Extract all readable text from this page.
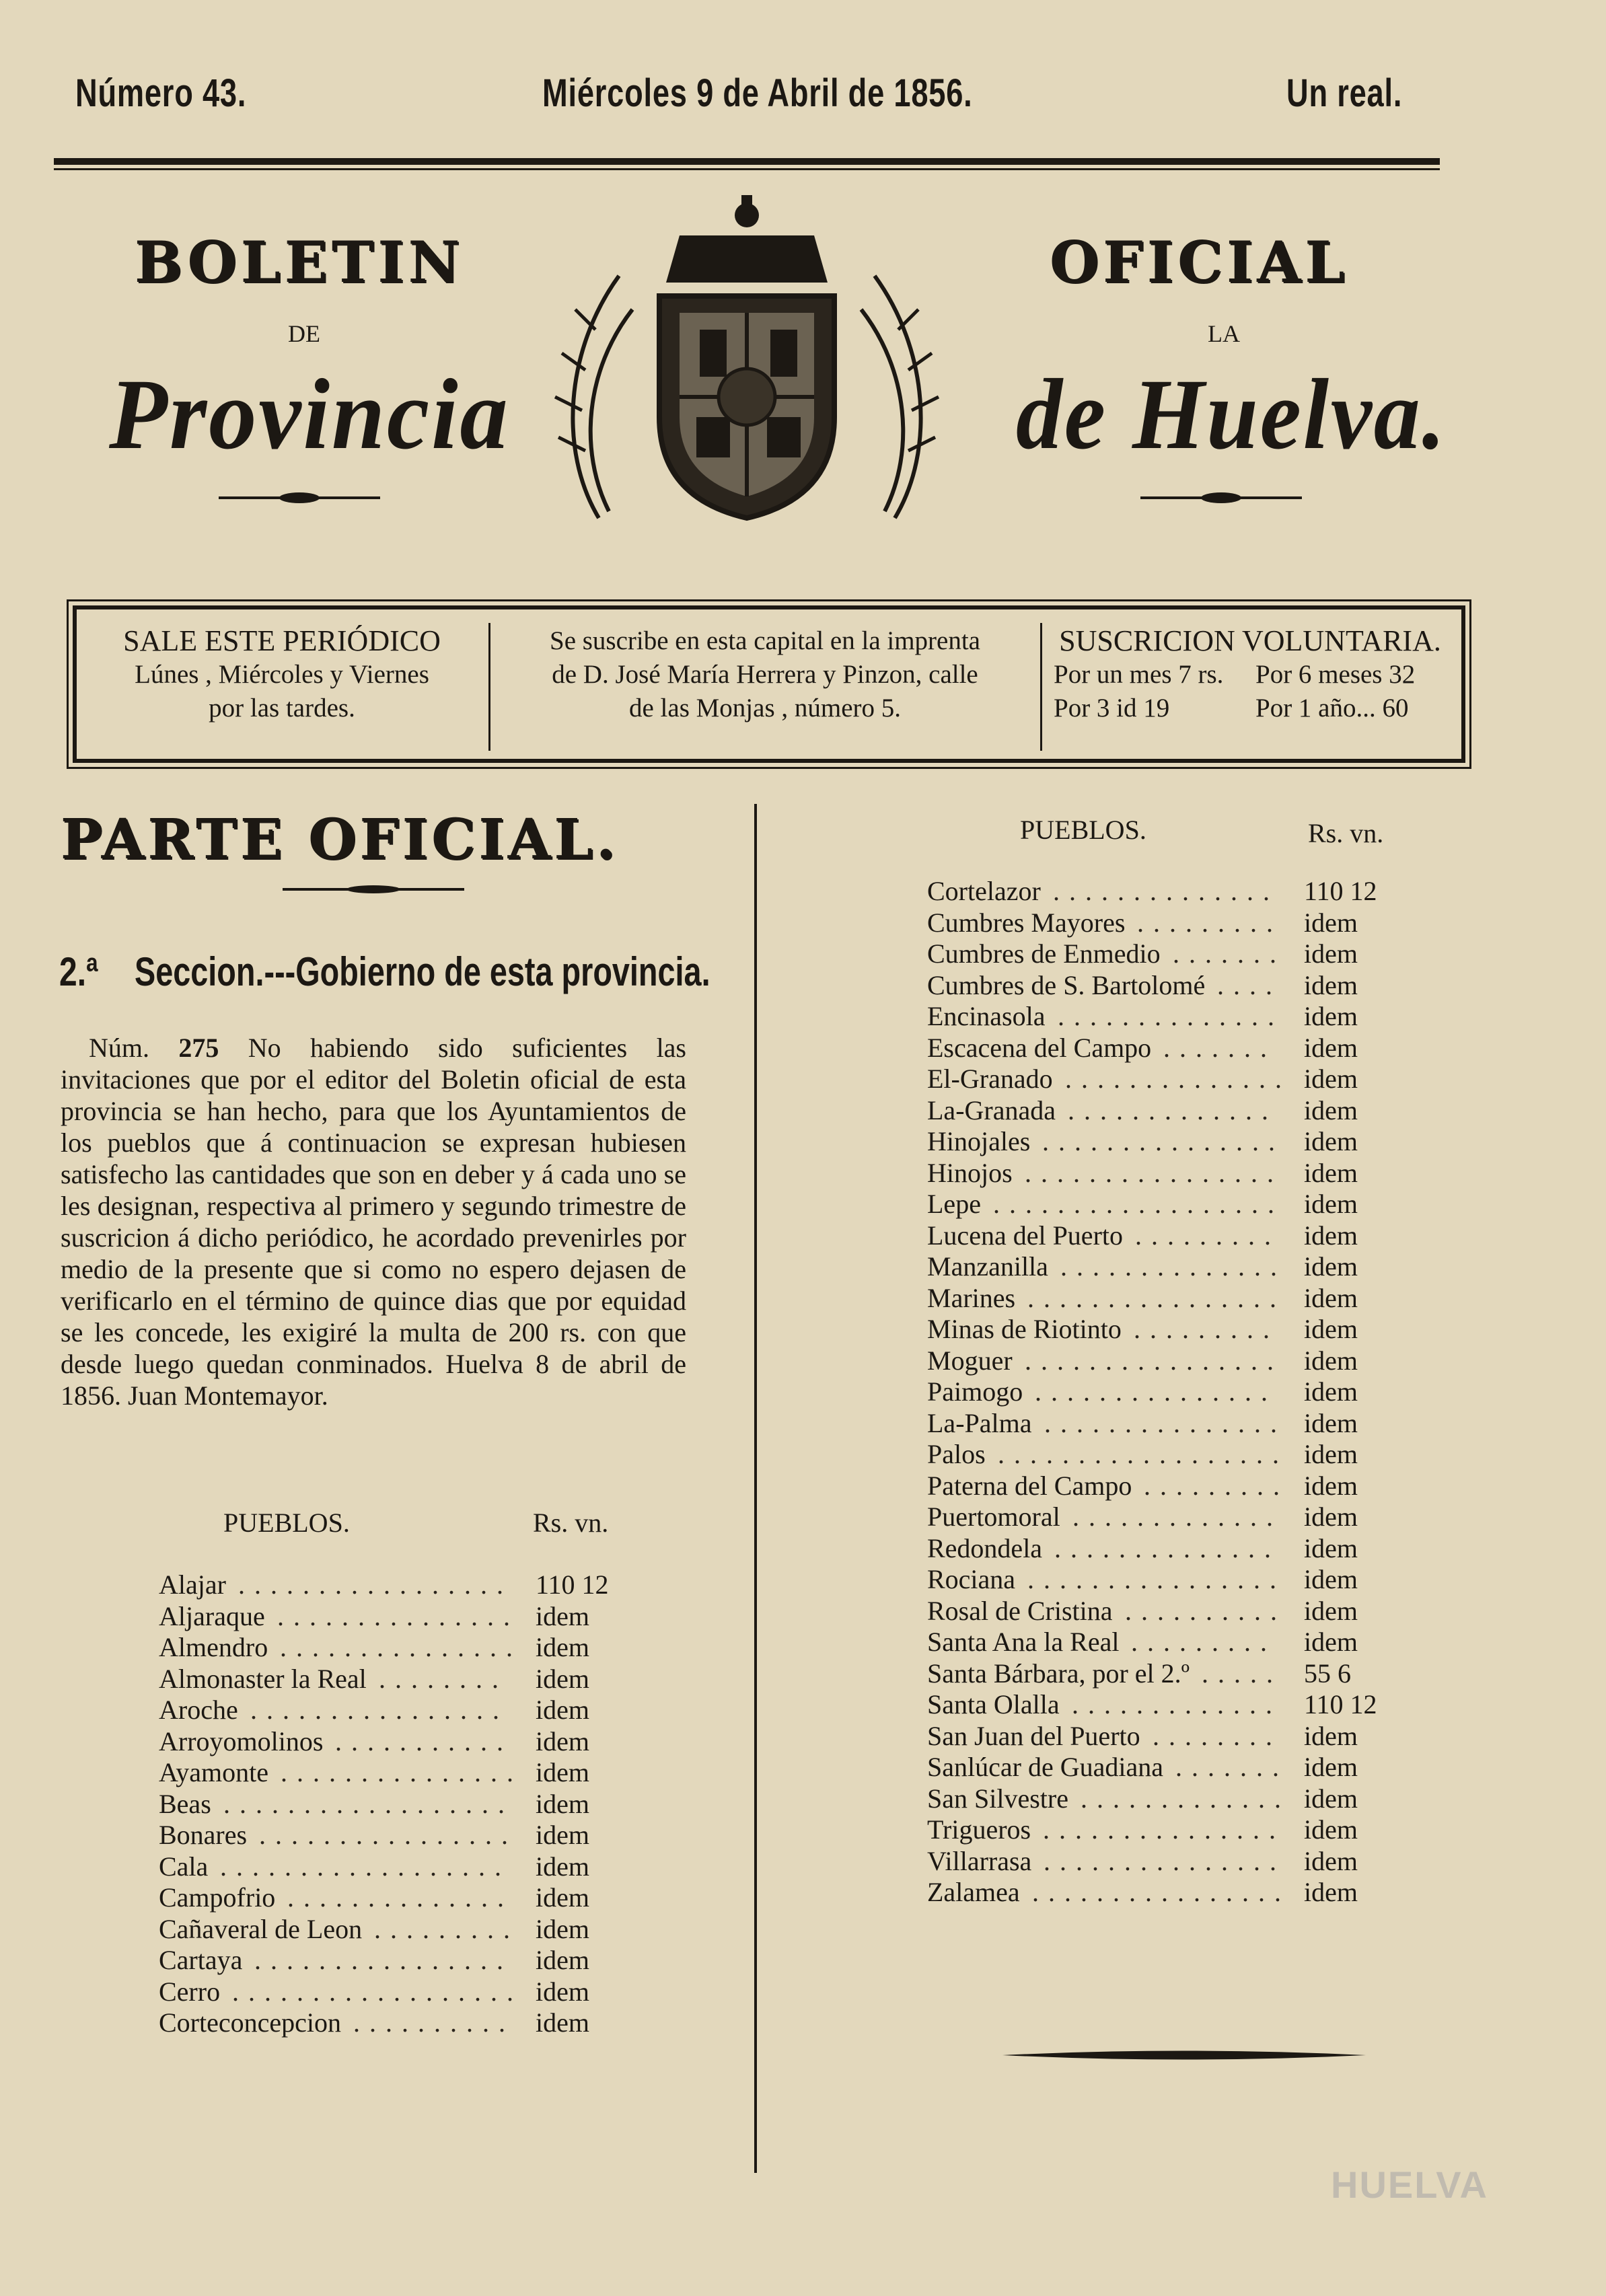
Número 43.	Miércoles 9 de Abril de 1856.	Un real.
BOLETIN	OFICIAL
DE	LA
Provincia	de Huelva.
SALE ESTE PERIÓDICO
Lúnes , Miércoles y Viernes
por las tardes.
Se suscribe en esta capital en la imprenta
de D. José María Herrera y Pinzon, calle
de las Monjas , número 5.
SUSCRICION VOLUNTARIA.
Por un mes 7 rs. Por 6 meses 32
Por 3 id 19	Por 1 año... 60
PARTE OFICIAL.
2.ª Seccion.---Gobierno de esta provincia.
Núm. 275 No habiendo sido suficientes las invitaciones que por el editor del Boletin oficial de esta provincia se han hecho, para que los Ayuntamientos de los pueblos que á continuacion se expresan hubiesen satisfecho las cantidades que son en deber y á cada uno se les designan, respectiva al primero y segundo trimestre de suscricion á dicho periódico, he acordado prevenirles por medio de la presente que si como no espero dejasen de verificarlo en el término de quince dias que por equidad se les concede, les exigiré la multa de 200 rs. con que desde luego quedan conminados. Huelva 8 de abril de 1856. Juan Montemayor.
PUEBLOS.	Rs. vn.
Alajar ................. 110 12
Aljaraque ............... idem
Almendro ............... idem
Almonaster la Real ........ idem
Aroche ................ idem
Arroyomolinos ........... idem
Ayamonte ............... idem
Beas .................. idem
Bonares ................ idem
Cala .................. idem
Campofrio .............. idem
Cañaveral de Leon ......... idem
Cartaya ................ idem
Cerro .................. idem
Corteconcepcion .......... idem
PUEBLOS.	Rs. vn.
Cortelazor .............. 110 12
Cumbres Mayores ......... idem
Cumbres de Enmedio ....... idem
Cumbres de S. Bartolomé .... idem
Encinasola .............. idem
Escacena del Campo ....... idem
El-Granado .............. idem
La-Granada ............. idem
Hinojales ............... idem
Hinojos ................ idem
Lepe .................. idem
Lucena del Puerto ......... idem
Manzanilla .............. idem
Marines ................ idem
Minas de Riotinto ......... idem
Moguer ................ idem
Paimogo ............... idem
La-Palma ............... idem
Palos .................. idem
Paterna del Campo ......... idem
Puertomoral ............. idem
Redondela .............. idem
Rociana ................ idem
Rosal de Cristina .......... idem
Santa Ana la Real ......... idem
Santa Bárbara, por el 2.º ..... 55 6
Santa Olalla ............. 110 12
San Juan del Puerto ........ idem
Sanlúcar de Guadiana ....... idem
San Silvestre ............. idem
Trigueros ............... idem
Villarrasa ............... idem
Zalamea ................ idem
HUELVA
